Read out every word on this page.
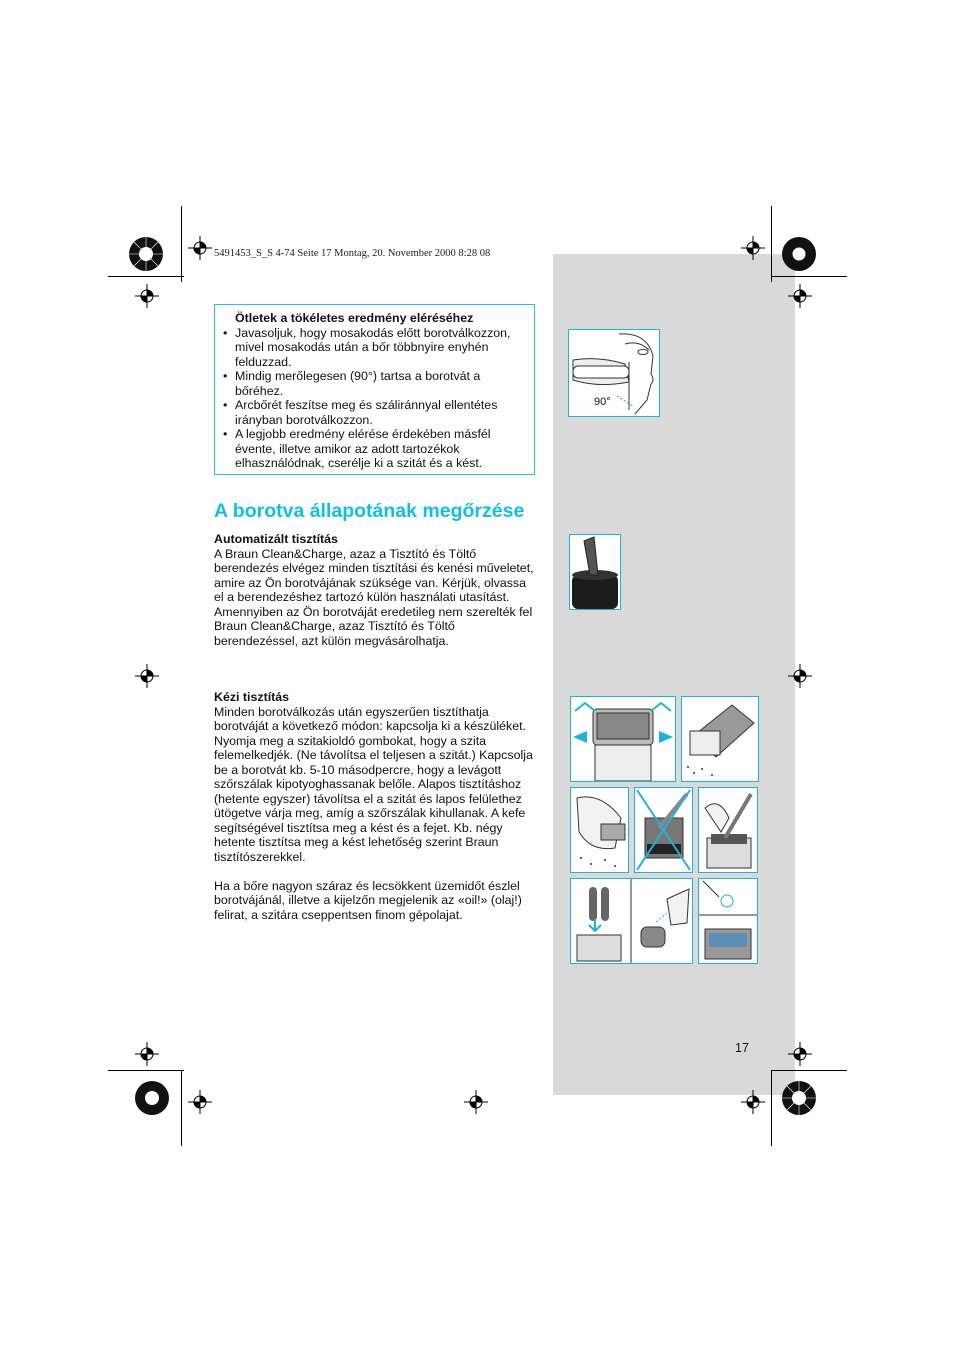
5491453_S_S 4-74 Seite 17 Montag, 20. November 2000 8:28 08
Ötletek a tökéletes eredmény eléréséhez
• Javasoljuk, hogy mosakodás előtt borotválkozzon, mivel mosakodás után a bőr többnyire enyhén felduzzad.
• Mindig merőlegesen (90°) tartsa a borotvát a bőréhez.
• Arcbőrét feszítse meg és száliránnyal ellentétes irányban borotválkozzon.
• A legjobb eredmény elérése érdekében másfél évente, illetve amikor az adott tartozékok elhasználódnak, cserélje ki a szitát és a kést.
A borotva állapotának megőrzése
Automatizált tisztítás

A Braun Clean&Charge, azaz a Tisztító és Töltő berendezés elvégez minden tisztítási és kenési műveletet, amire az Ön borotvájának szüksége van. Kérjük, olvassa el a berendezéshez tartozó külön használati utasítást.

Amennyiben az Ön borotváját eredetileg nem szerelték fel Braun Clean&Charge, azaz Tisztító és Töltő berendezéssel, azt külön megvásárolhatja.

Kézi tisztítás

Minden borotválkozás után egyszerűen tisztíthatja borotváját a következő módon: kapcsolja ki a készüléket. Nyomja meg a szitakioldó gombokat, hogy a szita felemelkedjék. (Ne távolítsa el teljesen a szitát.) Kapcsolja be a borotvát kb. 5-10 másodpercre, hogy a levágott szőrszálak kipotyoghassanak belőle. Alapos tisztításhoz (hetente egyszer) távolítsa el a szitát és lapos felülethez ütögetve várja meg, amíg a szőrszálak kihullanak. A kefe segítségével tisztítsa meg a kést és a fejet. Kb. négy hetente tisztítsa meg a kést lehetőség szerint Braun tisztítószerekkel.

Ha a bőre nagyon száraz és lecsökkent üzemidőt észlel borotvájánál, illetve a kijelzőn megjelenik az «oil!» (olaj!) felirat, a szitára cseppentsen finom gépolajat.

17
90°
